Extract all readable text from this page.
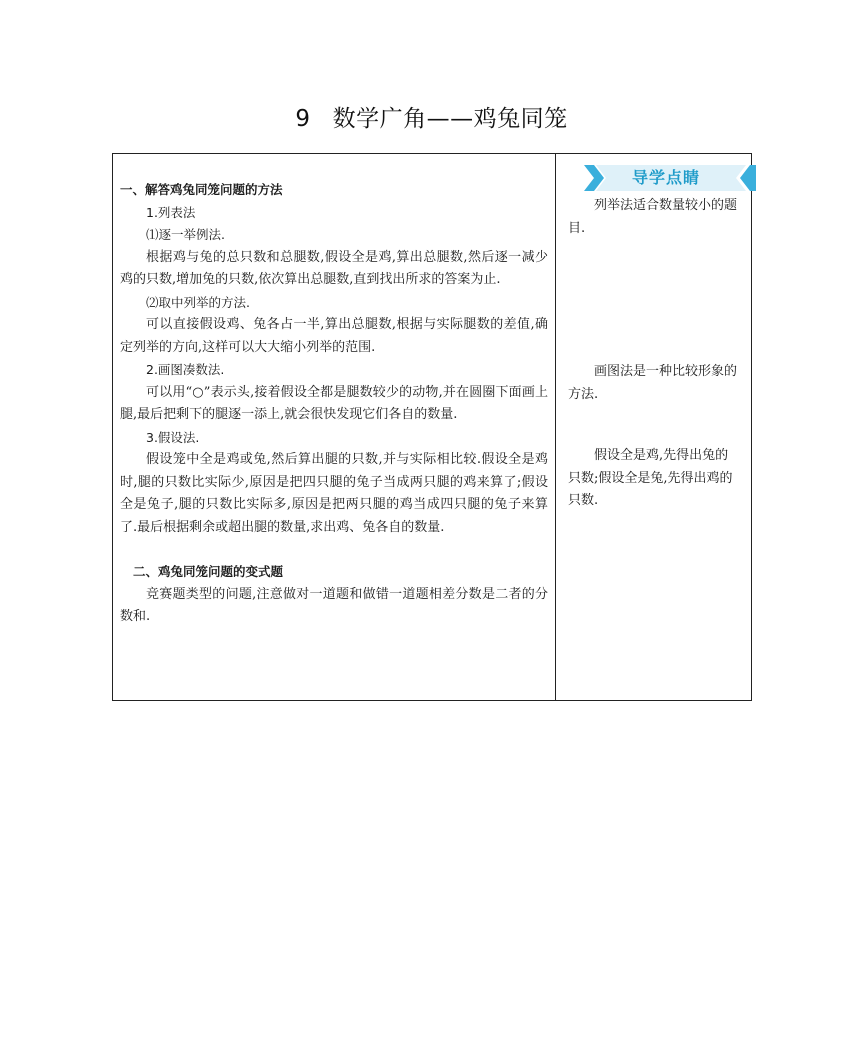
9 数学广角——鸡兔同笼

一、解答鸡兔同笼问题的方法

1.列表法

⑴逐一举例法.

根据鸡与兔的总只数和总腿数,假设全是鸡,算出总腿数,然后逐一减少鸡的只数,增加兔的只数,依次算出总腿数,直到找出所求的答案为止.

⑵取中列举的方法.

可以直接假设鸡、兔各占一半,算出总腿数,根据与实际腿数的差值,确定列举的方向,这样可以大大缩小列举的范围.

2.画图凑数法.

可以用“○”表示头,接着假设全都是腿数较少的动物,并在圆圈下面画上腿,最后把剩下的腿逐一添上,就会很快发现它们各自的数量.

3.假设法.

假设笼中全是鸡或兔,然后算出腿的只数,并与实际相比较.假设全是鸡时,腿的只数比实际少,原因是把四只腿的兔子当成两只腿的鸡来算了;假设全是兔子,腿的只数比实际多,原因是把两只腿的鸡当成四只腿的兔子来算了.最后根据剩余或超出腿的数量,求出鸡、兔各自的数量.

二、鸡兔同笼问题的变式题

竞赛题类型的问题,注意做对一道题和做错一道题相差分数是二者的分数和.

导学点睛

列举法适合数量较小的题目.

画图法是一种比较形象的方法.

假设全是鸡,先得出兔的只数;假设全是兔,先得出鸡的只数.
